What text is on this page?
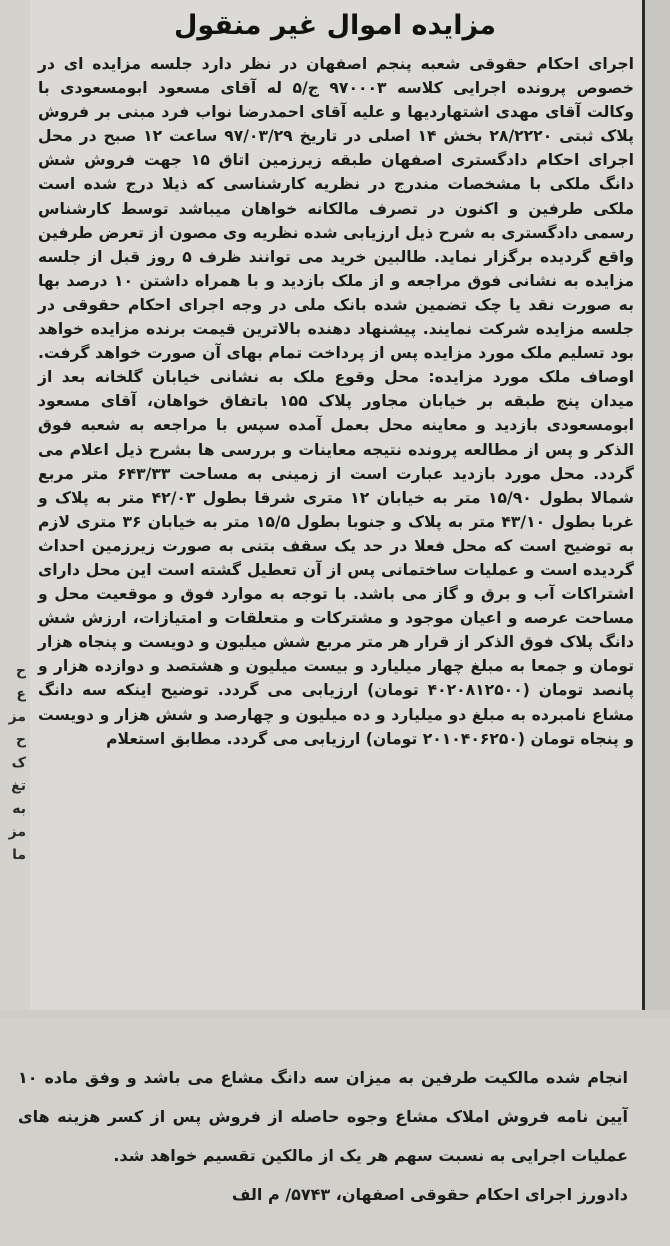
ح
ع
مز
ح
ک
تغ
به
مز
ما
مزایده اموال غیر منقول
اجرای احکام حقوقی شعبه پنجم اصفهان در نظر دارد جلسه مزایده ای در خصوص پرونده اجرایی کلاسه ۹۷۰۰۰۳ ج/۵ له آقای مسعود ابومسعودی با وکالت آقای مهدی اشتهاردیها و علیه آقای احمدرضا نواب فرد مبنی بر فروش پلاک ثبتی ۲۸/۲۲۲۰ بخش ۱۴ اصلی در تاریخ ۹۷/۰۳/۲۹ ساعت ۱۲ صبح در محل اجرای احکام دادگستری اصفهان طبقه زیرزمین اتاق ۱۵ جهت فروش شش دانگ ملکی با مشخصات مندرج در نظریه کارشناسی که ذیلا درج شده است ملکی طرفین و اکنون در تصرف مالکانه خواهان میباشد توسط کارشناس رسمی دادگستری به شرح ذیل ارزیابی شده نظریه وی مصون از تعرض طرفین واقع گردیده برگزار نماید. طالبین خرید می توانند ظرف ۵ روز قبل از جلسه مزایده به نشانی فوق مراجعه و از ملک بازدید و با همراه داشتن ۱۰ درصد بها به صورت نقد یا چک تضمین شده بانک ملی در وجه اجرای احکام حقوقی در جلسه مزایده شرکت نمایند. پیشنهاد دهنده بالاترین قیمت برنده مزایده خواهد بود تسلیم ملک مورد مزایده پس از پرداخت تمام بهای آن صورت خواهد گرفت. اوصاف ملک مورد مزایده: محل وقوع ملک به نشانی خیابان گلخانه بعد از میدان پنج طبقه بر خیابان مجاور پلاک ۱۵۵ باتفاق خواهان، آقای مسعود ابومسعودی بازدید و معاینه محل بعمل آمده سپس با مراجعه به شعبه فوق الذکر و پس از مطالعه پرونده نتیجه معاینات و بررسی ها بشرح ذیل اعلام می گردد. محل مورد بازدید عبارت است از زمینی به مساحت ۶۴۳/۳۳ متر مربع شمالا بطول ۱۵/۹۰ متر به خیابان ۱۲ متری شرقا بطول ۴۲/۰۳ متر به پلاک و غربا بطول ۴۳/۱۰ متر به پلاک و جنوبا بطول ۱۵/۵ متر به خیابان ۳۶ متری لازم به توضیح است که محل فعلا در حد یک سقف بتنی به صورت زیرزمین احداث گردیده است و عملیات ساختمانی پس از آن تعطیل گشته است این محل دارای اشتراکات آب و برق و گاز می باشد. با توجه به موارد فوق و موقعیت محل و مساحت عرصه و اعیان موجود و مشترکات و متعلقات و امتیازات، ارزش شش دانگ پلاک فوق الذکر از قرار هر متر مربع شش میلیون و دویست و پنجاه هزار تومان و جمعا به مبلغ چهار میلیارد و بیست میلیون و هشتصد و دوازده هزار و پانصد تومان (۴۰۲۰۸۱۲۵۰۰ تومان) ارزیابی می گردد. توضیح اینکه سه دانگ مشاع نامبرده به مبلغ دو میلیارد و ده میلیون و چهارصد و شش هزار و دویست و پنجاه تومان (۲۰۱۰۴۰۶۲۵۰ تومان) ارزیابی می گردد. مطابق استعلام
انجام شده مالکیت طرفین به میزان سه دانگ مشاع می باشد و وفق ماده ۱۰ آیین نامه فروش املاک مشاع وجوه حاصله از فروش پس از کسر هزینه های عملیات اجرایی به نسبت سهم هر یک از مالکین تقسیم خواهد شد.
دادورز اجرای احکام حقوقی اصفهان، ۵۷۴۳/ م الف
